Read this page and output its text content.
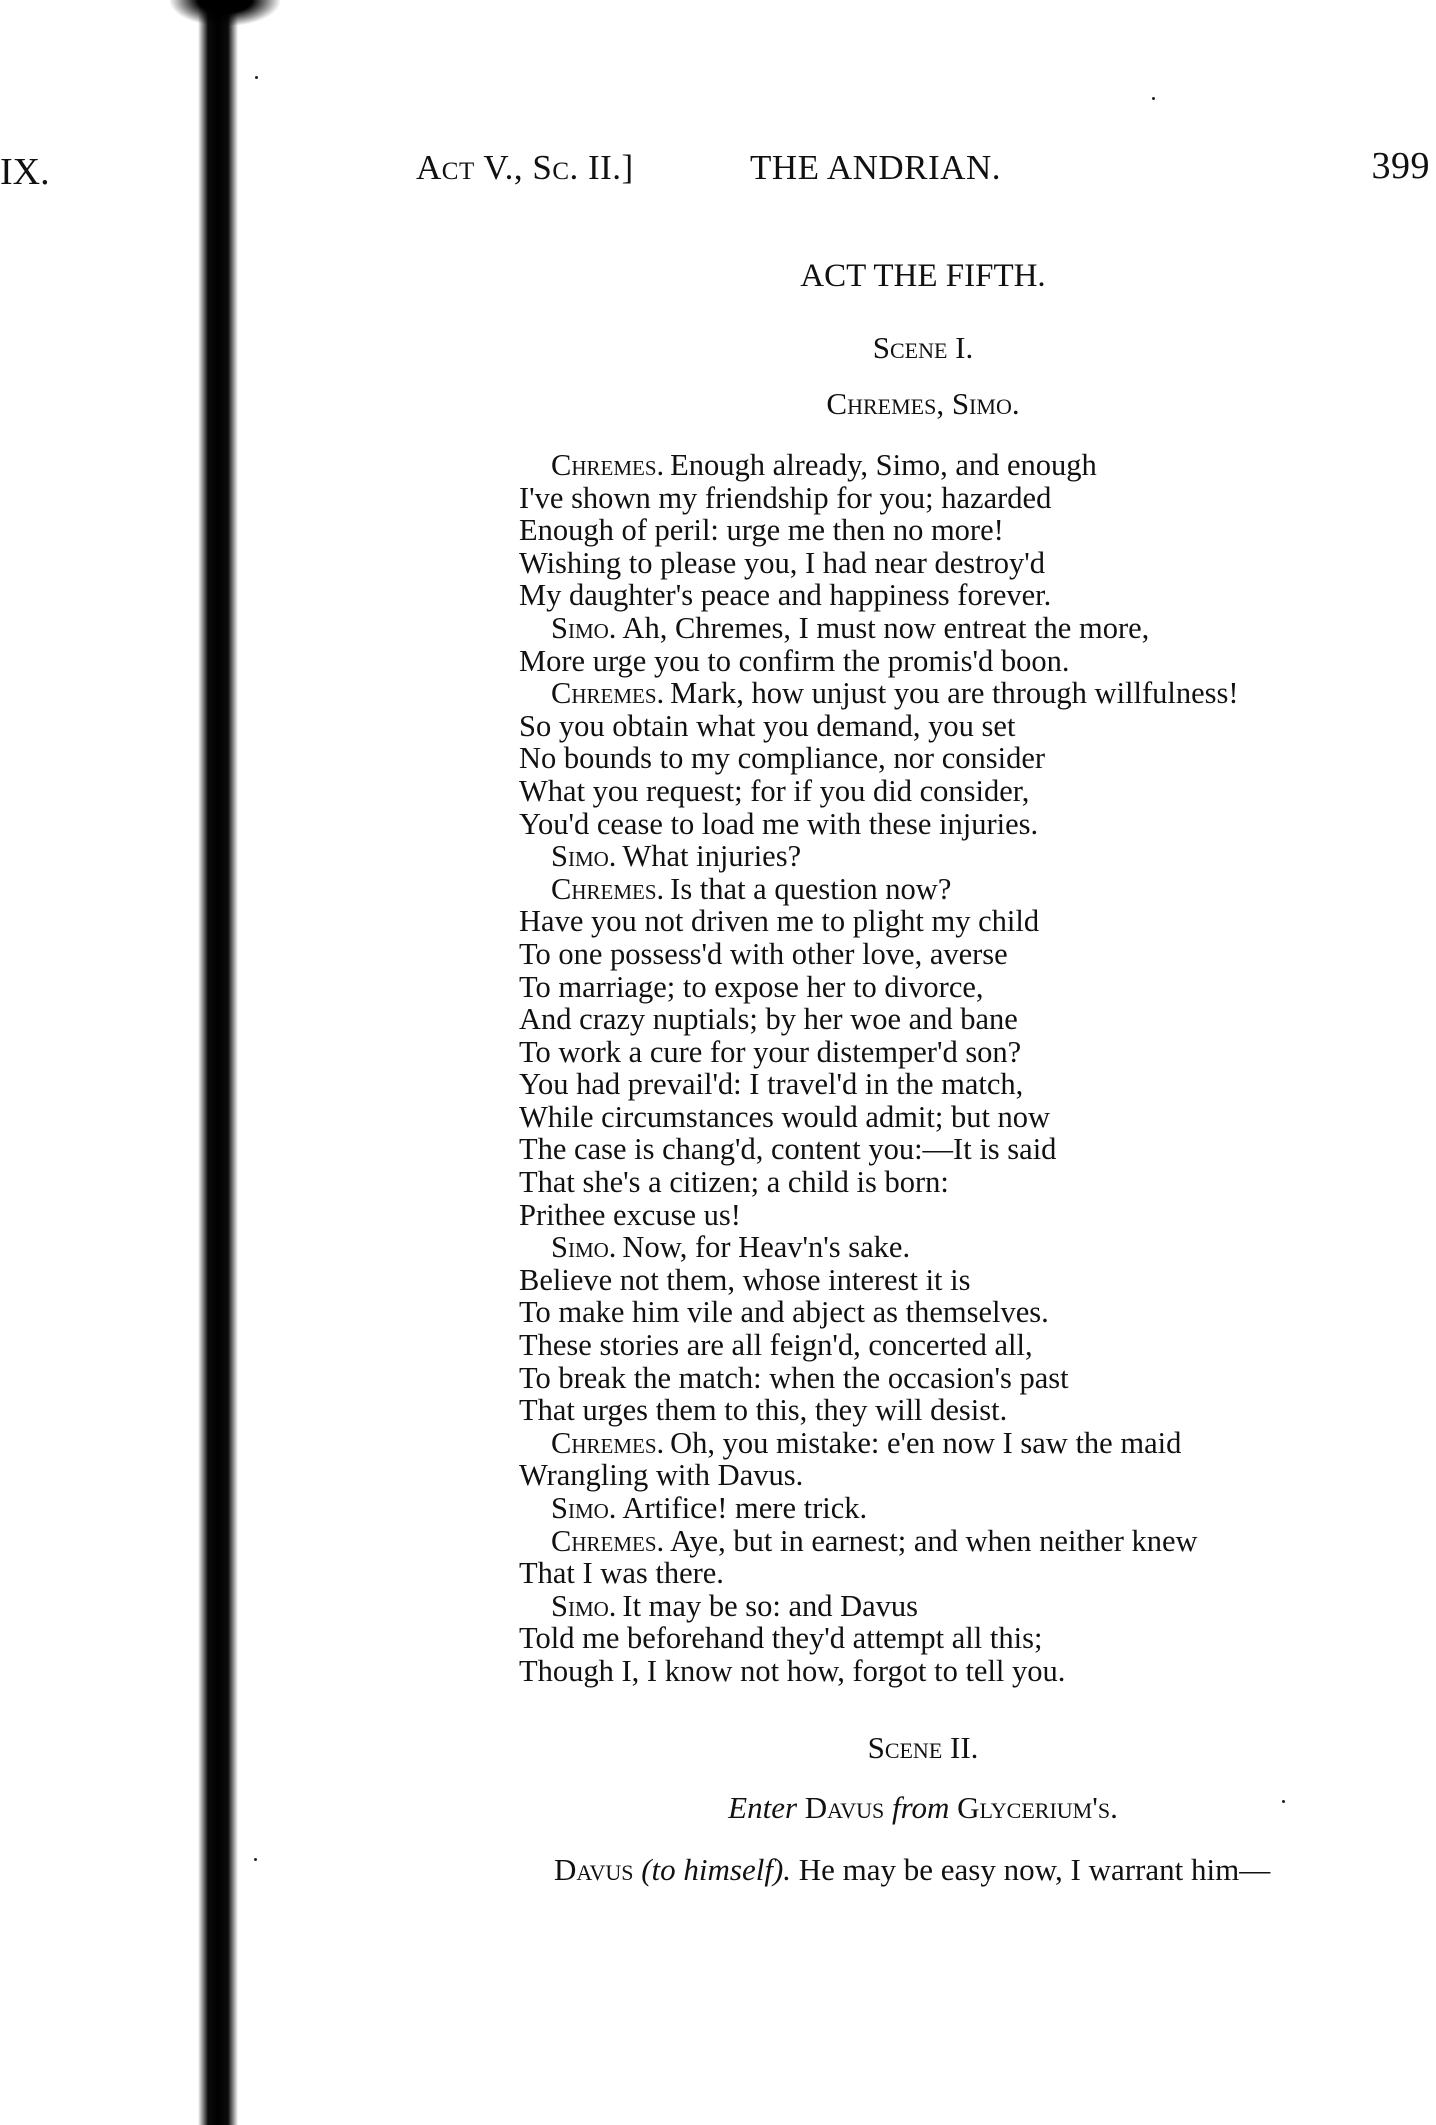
IX.	Act V., Sc. II.]	THE ANDRIAN.	399
ACT THE FIFTH.
Scene I.
Chremes, Simo.
Chremes. Enough already, Simo, and enough
I've shown my friendship for you; hazarded
Enough of peril: urge me then no more!
Wishing to please you, I had near destroy'd
My daughter's peace and happiness forever.
Simo. Ah, Chremes, I must now entreat the more,
More urge you to confirm the promis'd boon.
Chremes. Mark, how unjust you are through willfulness!
So you obtain what you demand, you set
No bounds to my compliance, nor consider
What you request; for if you did consider,
You'd cease to load me with these injuries.
Simo. What injuries?
Chremes. Is that a question now?
Have you not driven me to plight my child
To one possess'd with other love, averse
To marriage; to expose her to divorce,
And crazy nuptials; by her woe and bane
To work a cure for your distemper'd son?
You had prevail'd: I travel'd in the match,
While circumstances would admit; but now
The case is chang'd, content you:—It is said
That she's a citizen; a child is born:
Prithee excuse us!
Simo. Now, for Heav'n's sake.
Believe not them, whose interest it is
To make him vile and abject as themselves.
These stories are all feign'd, concerted all,
To break the match: when the occasion's past
That urges them to this, they will desist.
Chremes. Oh, you mistake: e'en now I saw the maid
Wrangling with Davus.
Simo. Artifice! mere trick.
Chremes. Aye, but in earnest; and when neither knew
That I was there.
Simo. It may be so: and Davus
Told me beforehand they'd attempt all this;
Though I, I know not how, forgot to tell you.
Scene II.
Enter Davus from Glycerium's.
Davus (to himself). He may be easy now, I warrant him—
